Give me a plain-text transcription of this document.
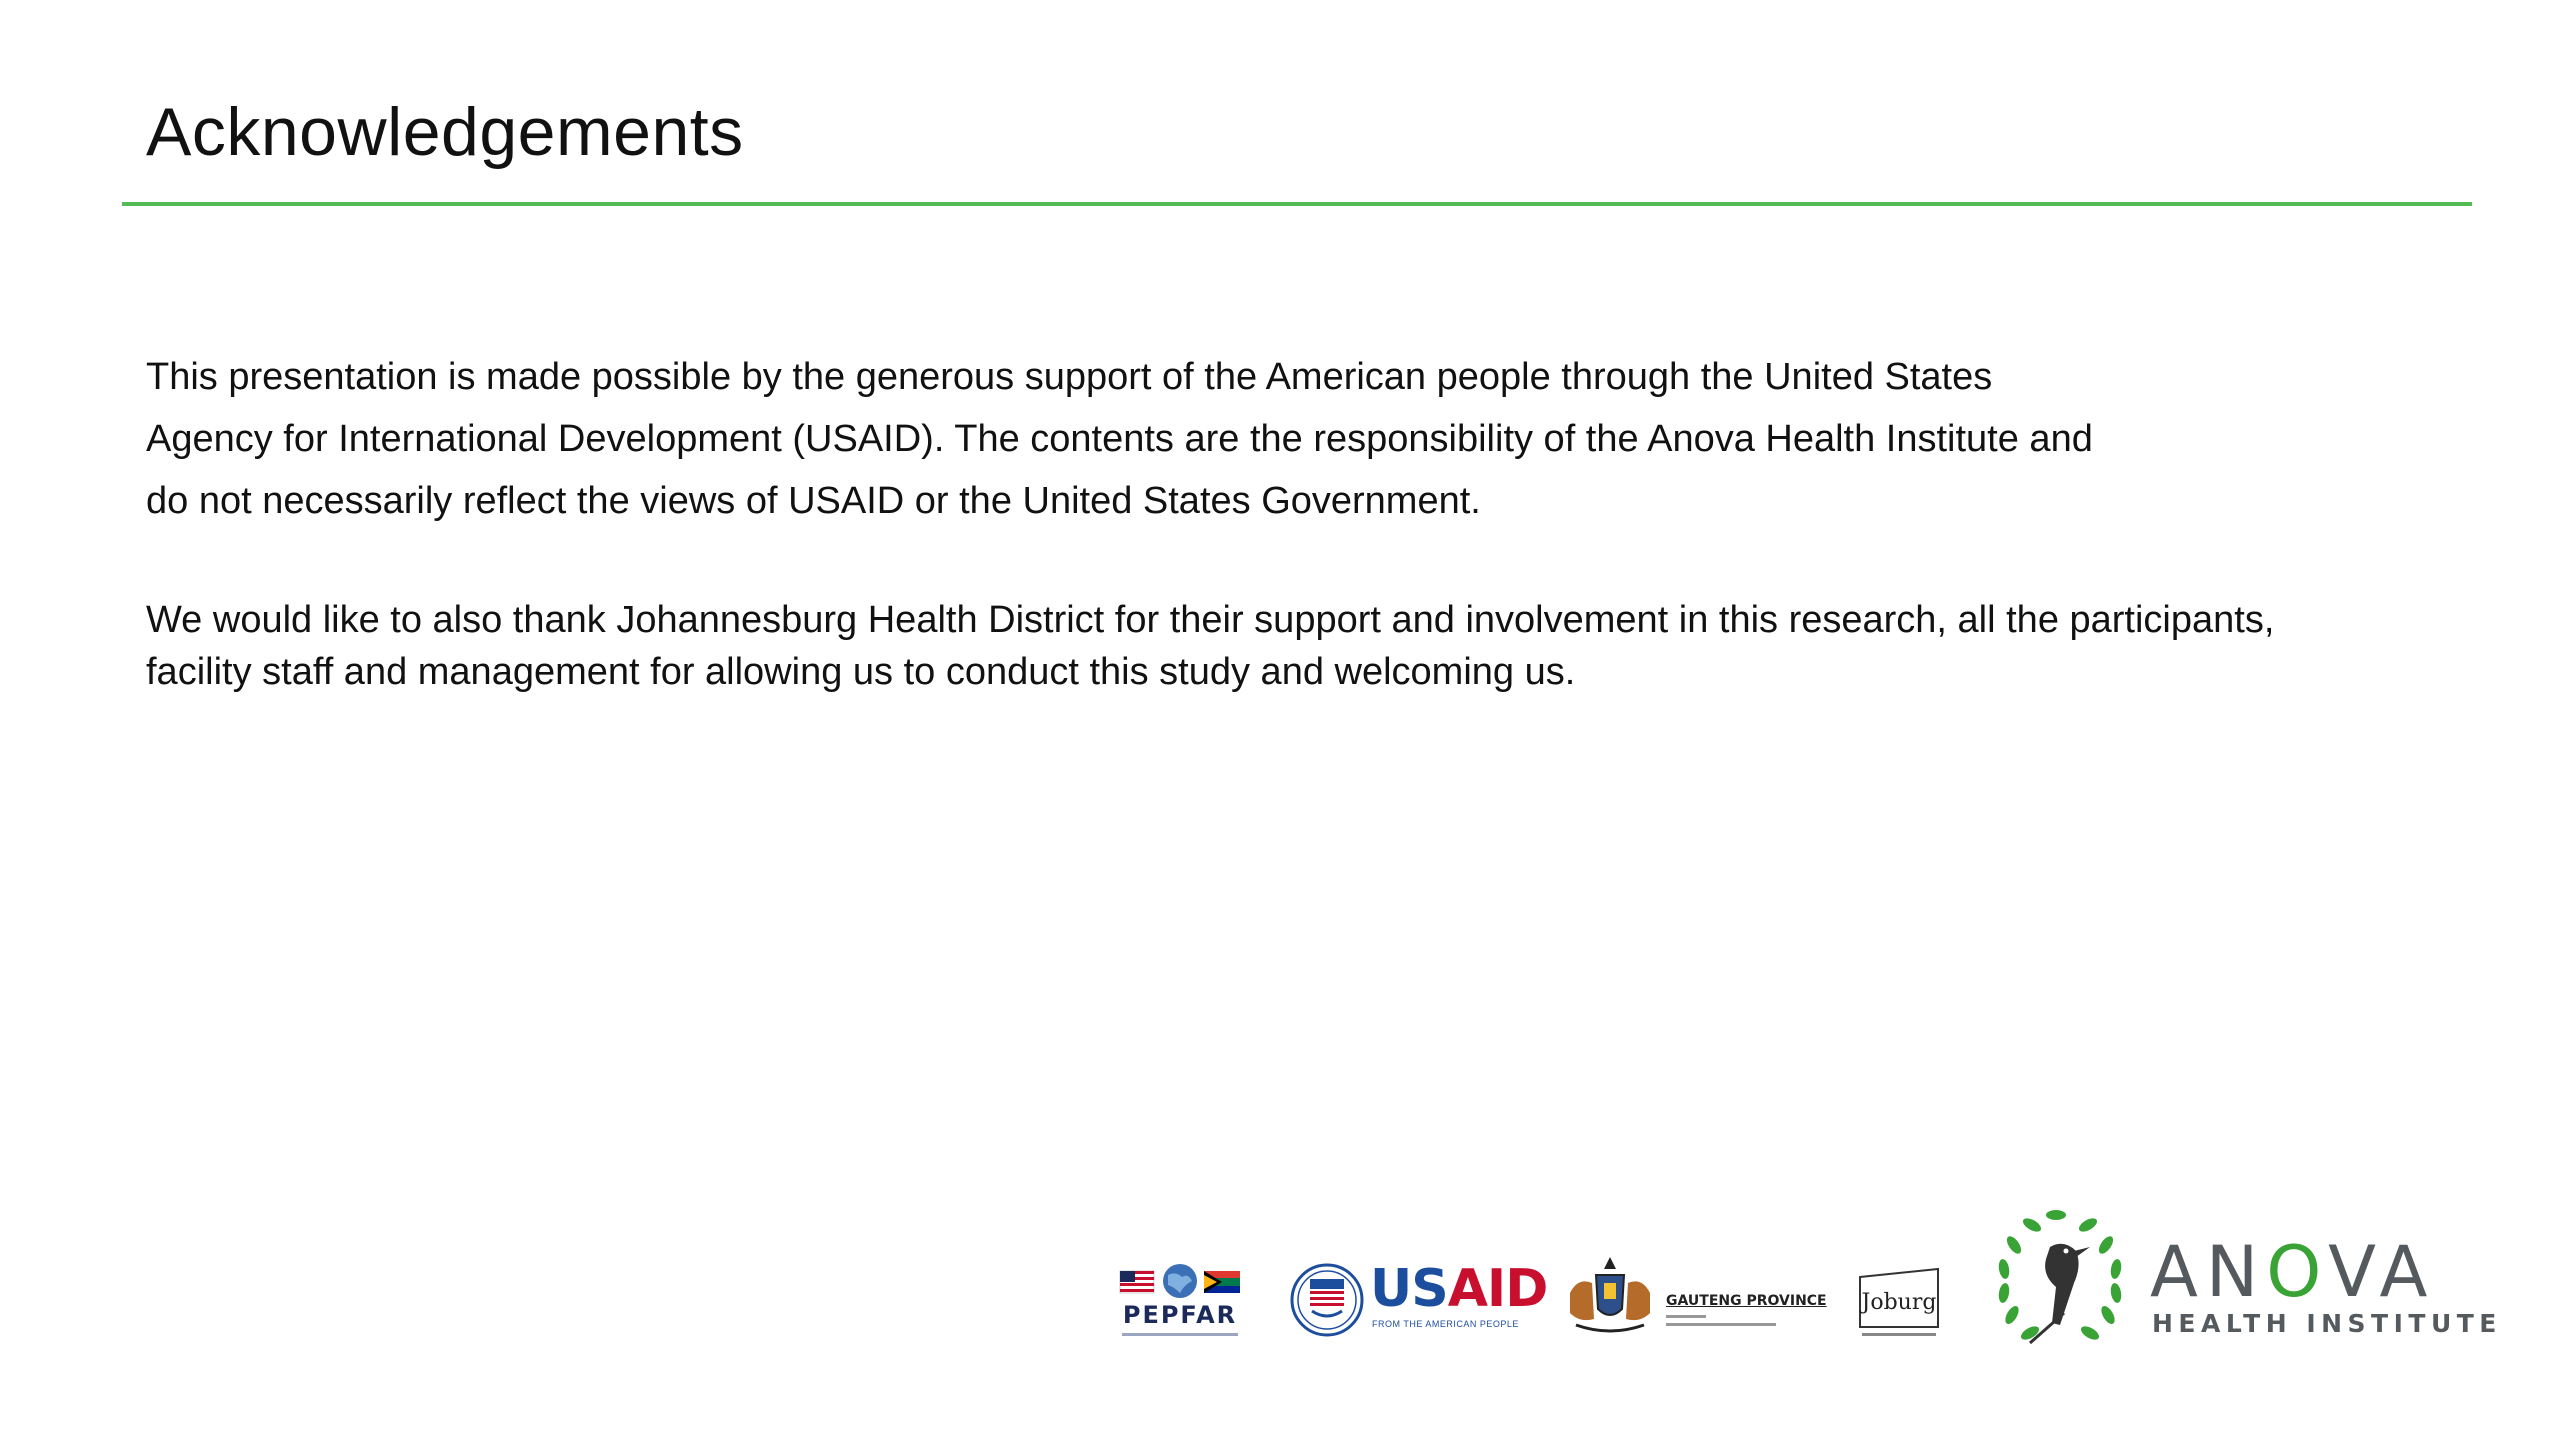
Acknowledgements

This presentation is made possible by the generous support of the American people through the United States
Agency for International Development (USAID). The contents are the responsibility of the Anova Health Institute and
do not necessarily reflect the views of USAID or the United States Government.

We would like to also thank Johannesburg Health District for their support and involvement in this research, all the participants,
facility staff and management for allowing us to conduct this study and welcoming us.

PEPFAR	USAID
FROM THE AMERICAN PEOPLE
GAUTENG PROVINCE Joburg	ANOVA
HEALTH INSTITUTE
